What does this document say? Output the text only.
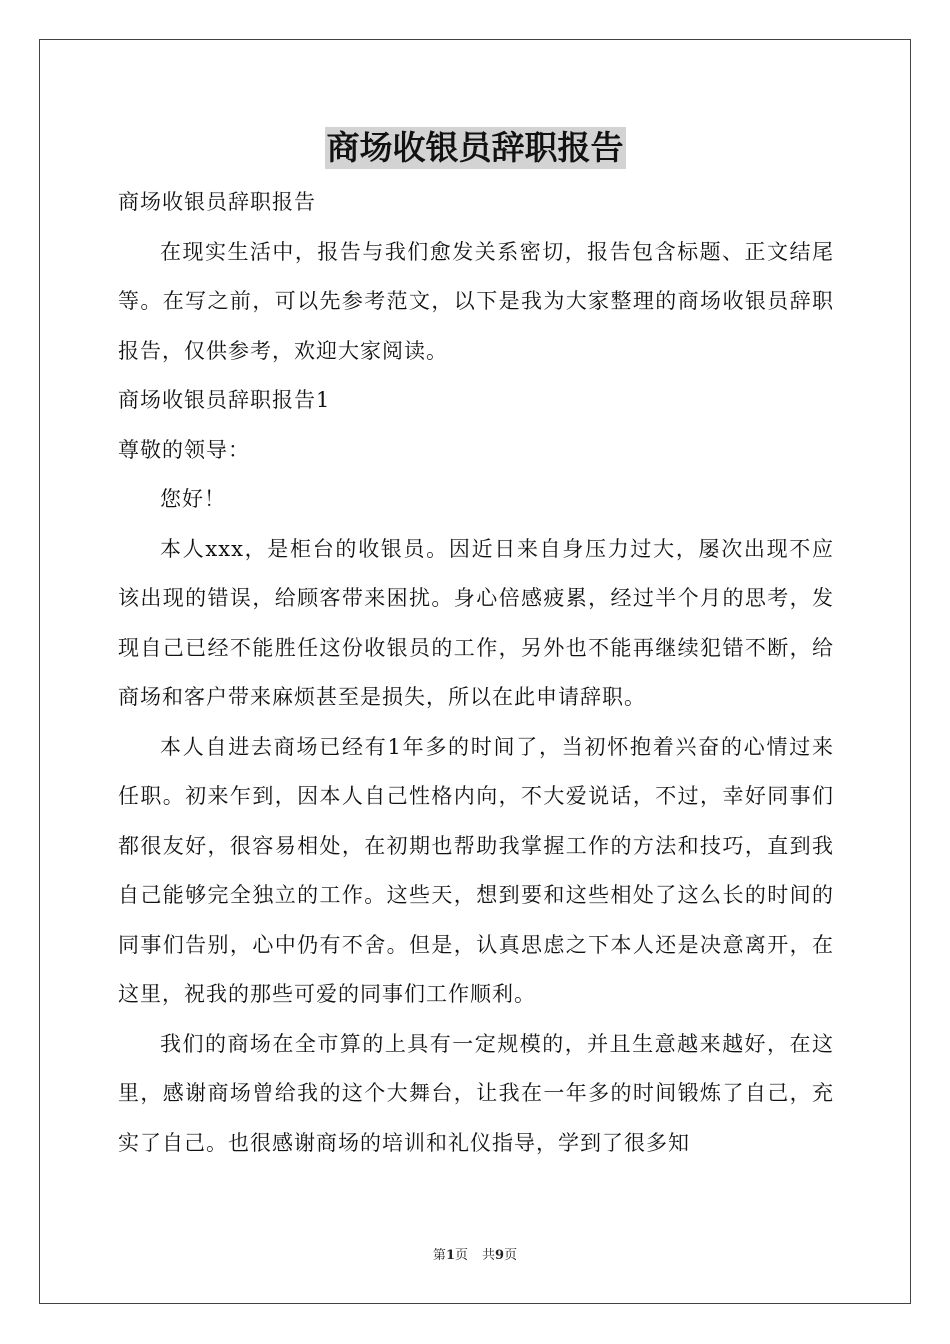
商场收银员辞职报告

商场收银员辞职报告

在现实生活中，报告与我们愈发关系密切，报告包含标题、正文结尾等。在写之前，可以先参考范文，以下是我为大家整理的商场收银员辞职报告，仅供参考，欢迎大家阅读。

商场收银员辞职报告1

尊敬的领导：

您好！

本人xxx，是柜台的收银员。因近日来自身压力过大，屡次出现不应该出现的错误，给顾客带来困扰。身心倍感疲累，经过半个月的思考，发现自己已经不能胜任这份收银员的工作，另外也不能再继续犯错不断，给商场和客户带来麻烦甚至是损失，所以在此申请辞职。

本人自进去商场已经有1年多的时间了，当初怀抱着兴奋的心情过来任职。初来乍到，因本人自己性格内向，不大爱说话，不过，幸好同事们都很友好，很容易相处，在初期也帮助我掌握工作的方法和技巧，直到我自己能够完全独立的工作。这些天，想到要和这些相处了这么长的时间的同事们告别，心中仍有不舍。但是，认真思虑之下本人还是决意离开，在这里，祝我的那些可爱的同事们工作顺利。

我们的商场在全市算的上具有一定规模的，并且生意越来越好，在这里，感谢商场曾给我的这个大舞台，让我在一年多的时间锻炼了自己，充实了自己。也很感谢商场的培训和礼仪指导，学到了很多知

第1页 共9页
